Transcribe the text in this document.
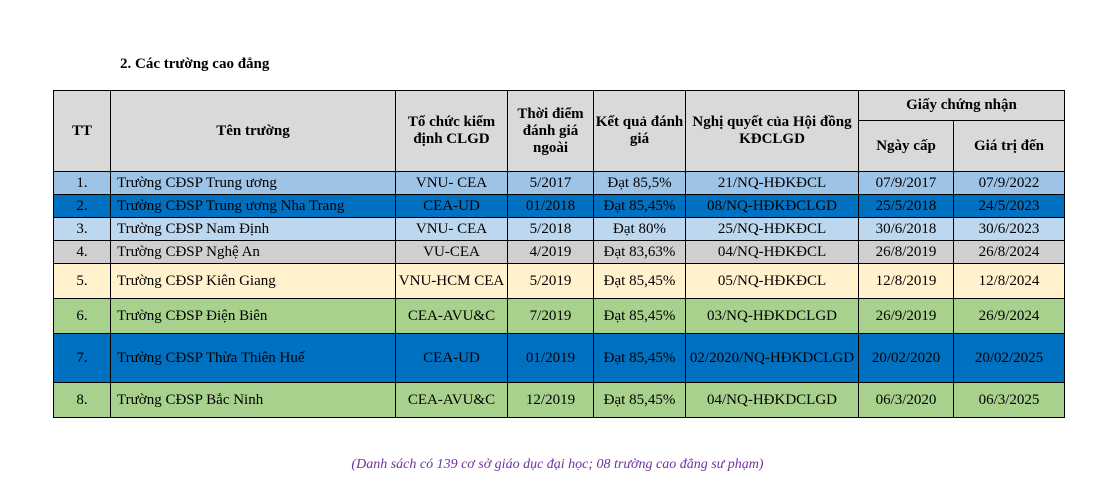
2. Các trường cao đẳng
TT	Tên trường	Tổ chức kiểm định CLGD	Thời điểm đánh giá ngoài	Kết quả đánh giá	Nghị quyết của Hội đồng KĐCLGD	Giấy chứng nhận	
						Ngày cấp	Giá trị đến
1.	Trường CĐSP Trung ương	VNU- CEA	5/2017	Đạt 85,5%	21/NQ-HĐKĐCL	07/9/2017	07/9/2022
2.	Trường CĐSP Trung ương Nha Trang	CEA-UD	01/2018	Đạt 85,45%	08/NQ-HĐKĐCLGD	25/5/2018	24/5/2023
3.	Trường CĐSP Nam Định	VNU- CEA	5/2018	Đạt 80%	25/NQ-HĐKĐCL	30/6/2018	30/6/2023
4.	Trường CĐSP Nghệ An	VU-CEA	4/2019	Đạt 83,63%	04/NQ-HĐKĐCL	26/8/2019	26/8/2024
5.	Trường CĐSP Kiên Giang	VNU-HCM CEA	5/2019	Đạt 85,45%	05/NQ-HĐKĐCL	12/8/2019	12/8/2024
6.	Trường CĐSP Điện Biên	CEA-AVU&C	7/2019	Đạt 85,45%	03/NQ-HĐKDCLGD	26/9/2019	26/9/2024
7.	Trường CĐSP Thừa Thiên Huế	CEA-UD	01/2019	Đạt 85,45%	02/2020/NQ-HĐKDCLGD	20/02/2020	20/02/2025
8.	Trường CĐSP Bắc Ninh	CEA-AVU&C	12/2019	Đạt 85,45%	04/NQ-HĐKDCLGD	06/3/2020	06/3/2025
(Danh sách có 139 cơ sở giáo dục đại học; 08 trường cao đẳng sư phạm)
